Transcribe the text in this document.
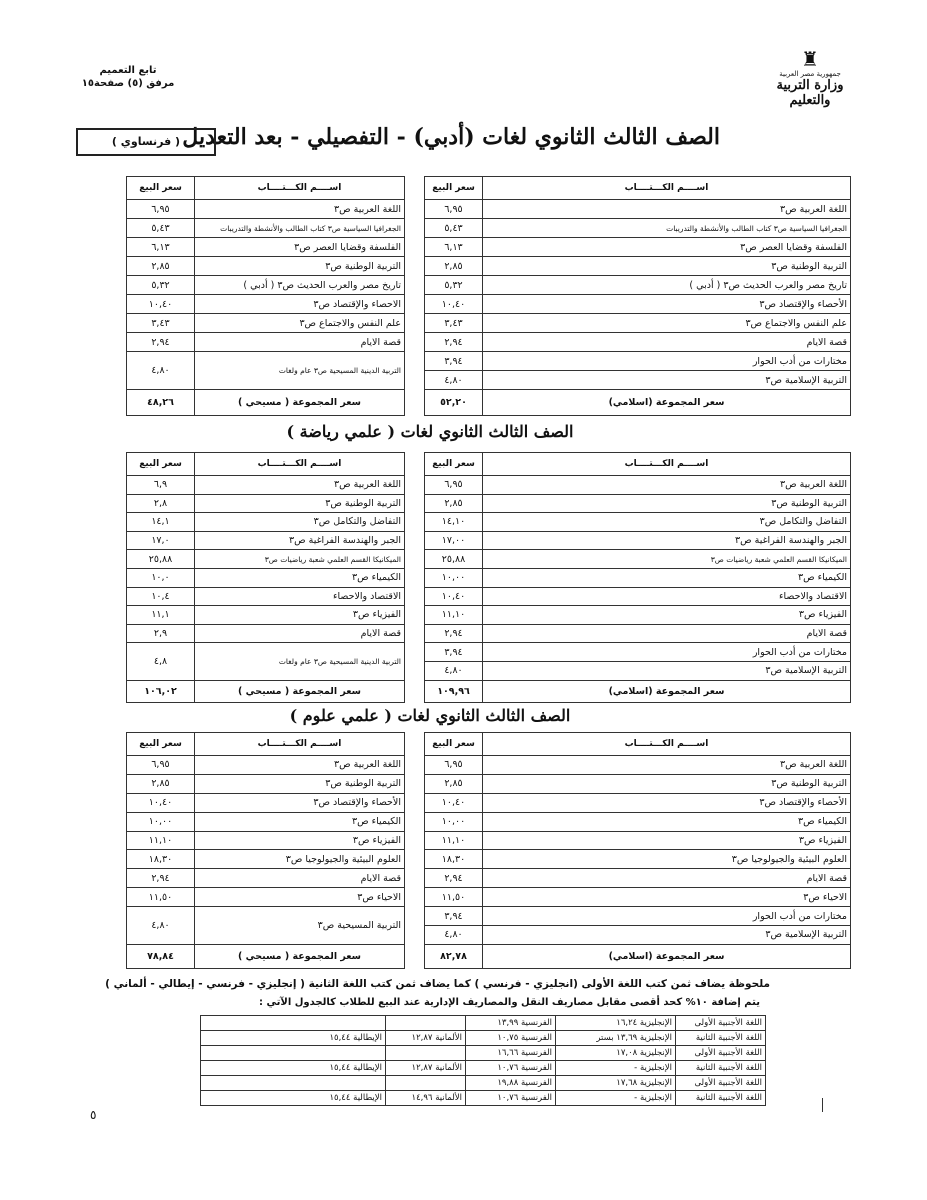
تابع التعميم
مرفق (٥) صفحة١٥
♜
جمهورية مصر العربية
وزارة التربية والتعليم
الصف الثالث الثانوي لغات (أدبي) - التفصيلي - بعد التعديل
( فرنساوي )
اســــم الكـــتــــاب	سعر البيع
اللغة العربية ص٣	٦,٩٥
الجغرافيا السياسية ص٣ كتاب الطالب والأنشطة والتدريبات	٥,٤٣
الفلسفة وقضايا العصر ص٣	٦,١٣
التربية الوطنية ص٣	٢,٨٥
تاريخ مصر والعرب الحديث ص٣ ( أدبي )	٥,٣٢
الأحصاء والإقتصاد ص٣	١٠,٤٠
علم النفس والاجتماع ص٣	٣,٤٣
قصة الايام	٢,٩٤
مختارات من أدب الحوار	٣,٩٤
التربية الإسلامية ص٣	٤,٨٠
سعر المجموعة (اسلامي)	٥٢,٢٠
اســــم الكـــتــــاب	سعر البيع
اللغة العربية ص٣	٦,٩٥
الجغرافيا السياسية ص٣ كتاب الطالب والأنشطة والتدريبات	٥,٤٣
الفلسفة وقضايا العصر ص٣	٦,١٣
التربية الوطنية ص٣	٢,٨٥
تاريخ مصر والعرب الحديث ص٣ ( أدبي )	٥,٣٢
الاحصاء والإقتصاد ص٣	١٠,٤٠
علم النفس والاجتماع ص٣	٣,٤٣
قصة الايام	٢,٩٤
التربية الدينية المسيحية ص٣ عام ولغات	٤,٨٠
سعر المجموعة ( مسيحي )	٤٨,٢٦
الصف الثالث الثانوي لغات ( علمي رياضة )
اســــم الكـــتــــاب	سعر البيع
اللغة العربية ص٣	٦,٩٥
التربية الوطنية ص٣	٢,٨٥
التفاضل والتكامل ص٣	١٤,١٠
الجبر والهندسة الفراغية ص٣	١٧,٠٠
الميكانيكا القسم العلمي شعبة رياضيات ص٣	٢٥,٨٨
الكيمياء ص٣	١٠,٠٠
الاقتصاد والاحصاء	١٠,٤٠
الفيزياء ص٣	١١,١٠
قصة الايام	٢,٩٤
مختارات من أدب الحوار	٣,٩٤
التربية الإسلامية ص٣	٤,٨٠
سعر المجموعة (اسلامي)	١٠٩,٩٦
اســــم الكـــتــــاب	سعر البيع
اللغة العربية ص٣	٦,٩
التربية الوطنية ص٣	٢,٨
التفاضل والتكامل ص٣	١٤,١
الجبر والهندسة الفراغية ص٣	١٧,٠
الميكانيكا القسم العلمي شعبة رياضيات ص٣	٢٥,٨٨
الكيمياء ص٣	١٠,٠
الاقتصاد والاحصاء	١٠,٤
الفيزياء ص٣	١١,١
قصة الايام	٢,٩
التربية الدينية المسيحية ص٣ عام ولغات	٤,٨
سعر المجموعة ( مسيحي )	١٠٦,٠٢
الصف الثالث الثانوي لغات ( علمي علوم )
اســــم الكـــتــــاب	سعر البيع
اللغة العربية ص٣	٦,٩٥
التربية الوطنية ص٣	٢,٨٥
الأحصاء والإقتصاد ص٣	١٠,٤٠
الكيمياء ص٣	١٠,٠٠
الفيزياء ص٣	١١,١٠
العلوم البيئية والجيولوجيا ص٣	١٨,٣٠
قصة الايام	٢,٩٤
الاحياء ص٣	١١,٥٠
مختارات من أدب الحوار	٣,٩٤
التربية الإسلامية ص٣	٤,٨٠
سعر المجموعة (اسلامي)	٨٢,٧٨
اســــم الكـــتــــاب	سعر البيع
اللغة العربية ص٣	٦,٩٥
التربية الوطنية ص٣	٢,٨٥
الأحصاء والإقتصاد ص٣	١٠,٤٠
الكيمياء ص٣	١٠,٠٠
الفيزياء ص٣	١١,١٠
العلوم البيئية والجيولوجيا ص٣	١٨,٣٠
قصة الايام	٢,٩٤
الاحياء ص٣	١١,٥٠
التربية المسيحية ص٣	٤,٨٠
سعر المجموعة ( مسيحي )	٧٨,٨٤
ملحوظة يضاف ثمن كتب اللغة الأولى (انجليزي - فرنسي ) كما يضاف ثمن كتب اللغة الثانية ( إنجليزي - فرنسي - إيطالي - ألماني )
يتم إضافة ١٠% كحد أقصى مقابل مصاريف النقل والمصاريف الإدارية عند البيع للطلاب كالجدول الآتي :
اللغة الأجنبية الأولى	الإنجليزية ١٦,٢٤	الفرنسية ١٣,٩٩		
اللغة الأجنبية الثانية	الإنجليزية ١٣,٦٩ بستر	الفرنسية ١٠,٧٥	الألمانية ١٢,٨٧	الإيطالية ١٥,٤٤
اللغة الأجنبية الأولى	الإنجليزية ١٧,٠٨	الفرنسية ١٦,٦٦		
اللغة الأجنبية الثانية	الإنجليزية -	الفرنسية ١٠,٧٦	الألمانية ١٢,٨٧	الإيطالية ١٥,٤٤
اللغة الأجنبية الأولى	الإنجليزية ١٧,٦٨	الفرنسية ١٩,٨٨		
اللغة الأجنبية الثانية	الإنجليزية -	الفرنسية ١٠,٧٦	الألمانية ١٤,٩٦	الإيطالية ١٥,٤٤
٥
